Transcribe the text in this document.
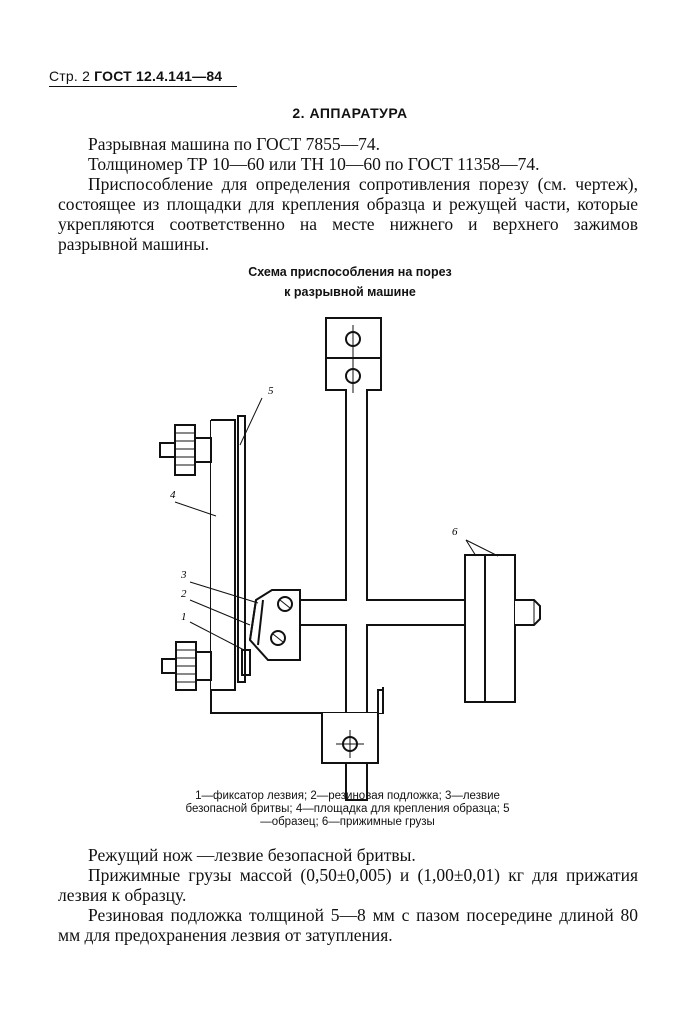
Стр. 2 ГОСТ 12.4.141—84
2. АППАРАТУРА
Разрывная машина по ГОСТ 7855—74.
Толщиномер ТР 10—60 или ТН 10—60 по ГОСТ 11358—74.
Приспособление для определения сопротивления порезу (см. чертеж), состоящее из площадки для крепления образца и режущей части, которые укрепляются соответственно на месте нижнего и верхнего зажимов разрывной машины.
Схема приспособления на порез
к разрывной машине
5
4
6
3
2
1
1—фиксатор лезвия; 2—резиновая подложка; 3—лезвие безопасной бритвы; 4—площадка для крепления образца; 5—образец; 6—прижимные грузы
Режущий нож —лезвие безопасной бритвы.
Прижимные грузы массой (0,50±0,005) и (1,00±0,01) кг для прижатия лезвия к образцу.
Резиновая подложка толщиной 5—8 мм с пазом посередине длиной 80 мм для предохранения лезвия от затупления.
